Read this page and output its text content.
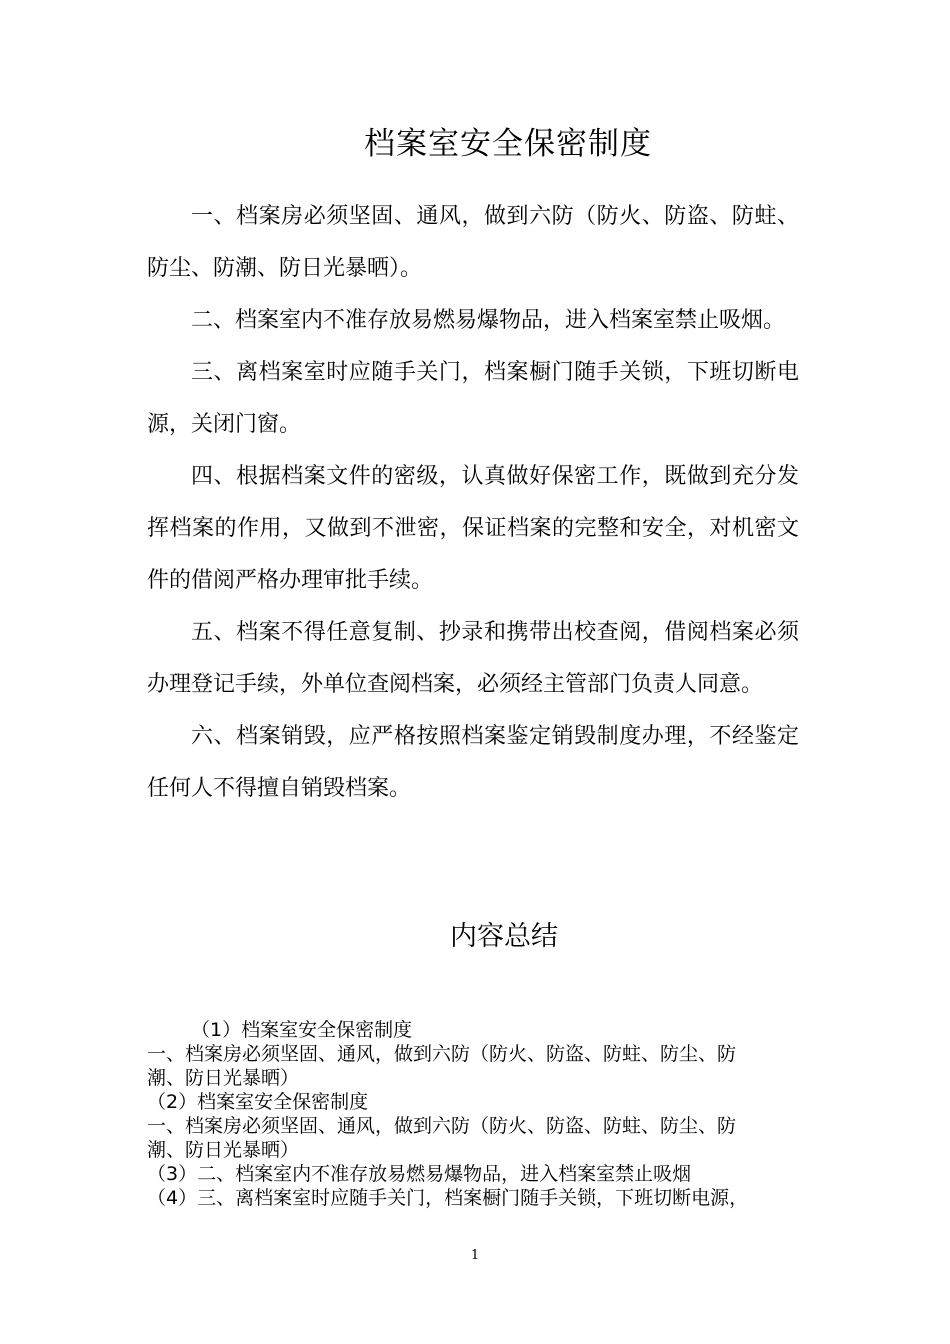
档案室安全保密制度

一、档案房必须坚固、通风，做到六防（防火、防盗、防蛀、防尘、防潮、防日光暴晒）。

二、档案室内不准存放易燃易爆物品，进入档案室禁止吸烟。

三、离档案室时应随手关门，档案橱门随手关锁，下班切断电源，关闭门窗。

四、根据档案文件的密级，认真做好保密工作，既做到充分发挥档案的作用，又做到不泄密，保证档案的完整和安全，对机密文件的借阅严格办理审批手续。

五、档案不得任意复制、抄录和携带出校查阅，借阅档案必须办理登记手续，外单位查阅档案，必须经主管部门负责人同意。

六、档案销毁，应严格按照档案鉴定销毁制度办理，不经鉴定任何人不得擅自销毁档案。

内容总结
（1）档案室安全保密制度
一、档案房必须坚固、通风，做到六防（防火、防盗、防蛀、防尘、防
潮、防日光暴晒）
（2）档案室安全保密制度
一、档案房必须坚固、通风，做到六防（防火、防盗、防蛀、防尘、防
潮、防日光暴晒）
（3）二、档案室内不准存放易燃易爆物品，进入档案室禁止吸烟
（4）三、离档案室时应随手关门，档案橱门随手关锁，下班切断电源，
1
